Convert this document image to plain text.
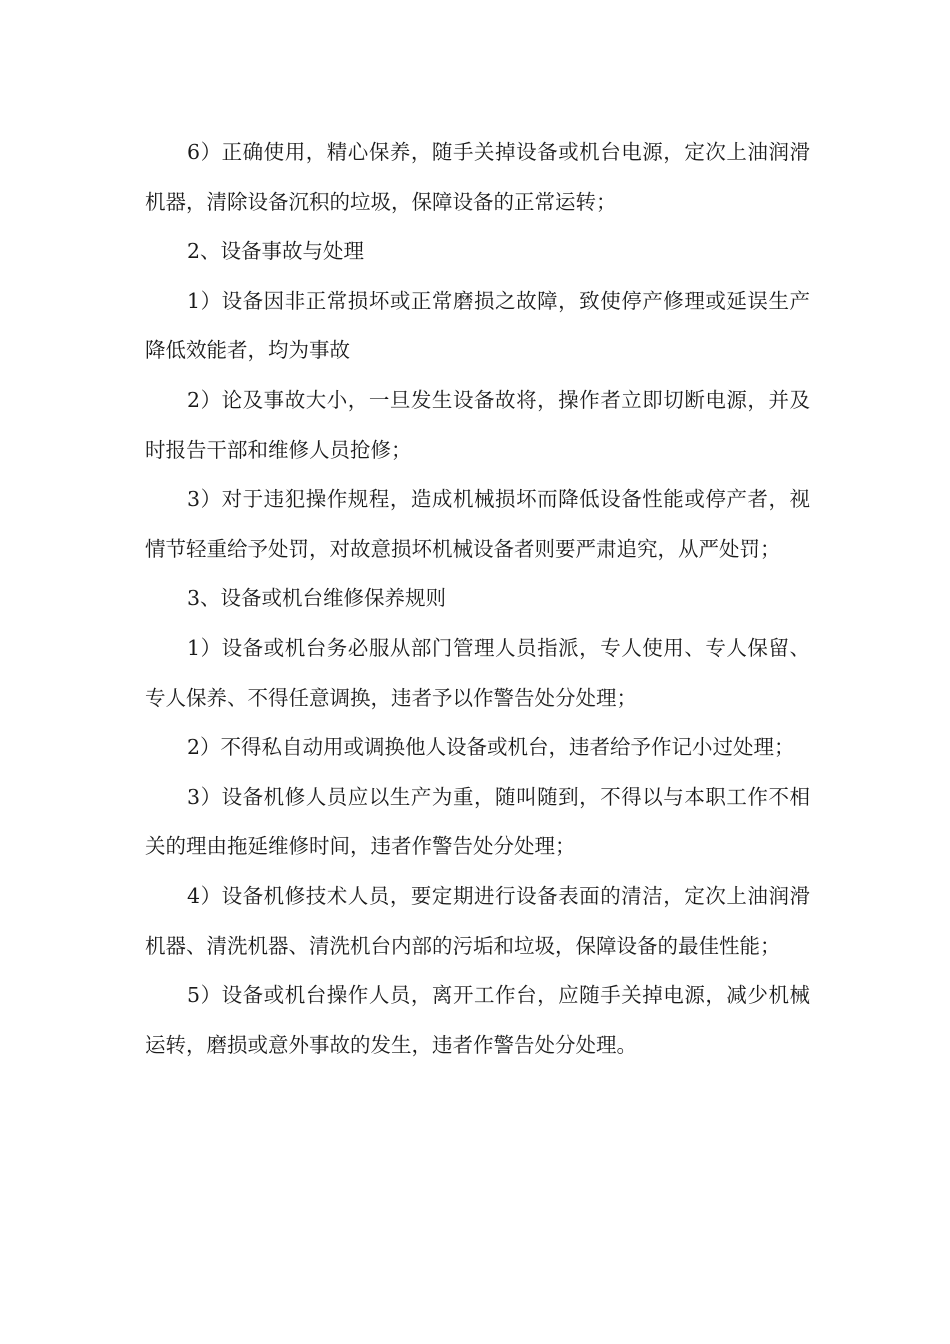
6）正确使用，精心保养，随手关掉设备或机台电源，定次上油润滑机器，清除设备沉积的垃圾，保障设备的正常运转；

2、设备事故与处理

1）设备因非正常损坏或正常磨损之故障，致使停产修理或延误生产降低效能者，均为事故

2）论及事故大小，一旦发生设备故将，操作者立即切断电源，并及时报告干部和维修人员抢修；

3）对于违犯操作规程，造成机械损坏而降低设备性能或停产者，视情节轻重给予处罚，对故意损坏机械设备者则要严肃追究，从严处罚；

3、设备或机台维修保养规则

1）设备或机台务必服从部门管理人员指派，专人使用、专人保留、专人保养、不得任意调换，违者予以作警告处分处理；

2）不得私自动用或调换他人设备或机台，违者给予作记小过处理；

3）设备机修人员应以生产为重，随叫随到，不得以与本职工作不相关的理由拖延维修时间，违者作警告处分处理；

4）设备机修技术人员，要定期进行设备表面的清洁，定次上油润滑机器、清洗机器、清洗机台内部的污垢和垃圾，保障设备的最佳性能；

5）设备或机台操作人员，离开工作台，应随手关掉电源，减少机械运转，磨损或意外事故的发生，违者作警告处分处理。
